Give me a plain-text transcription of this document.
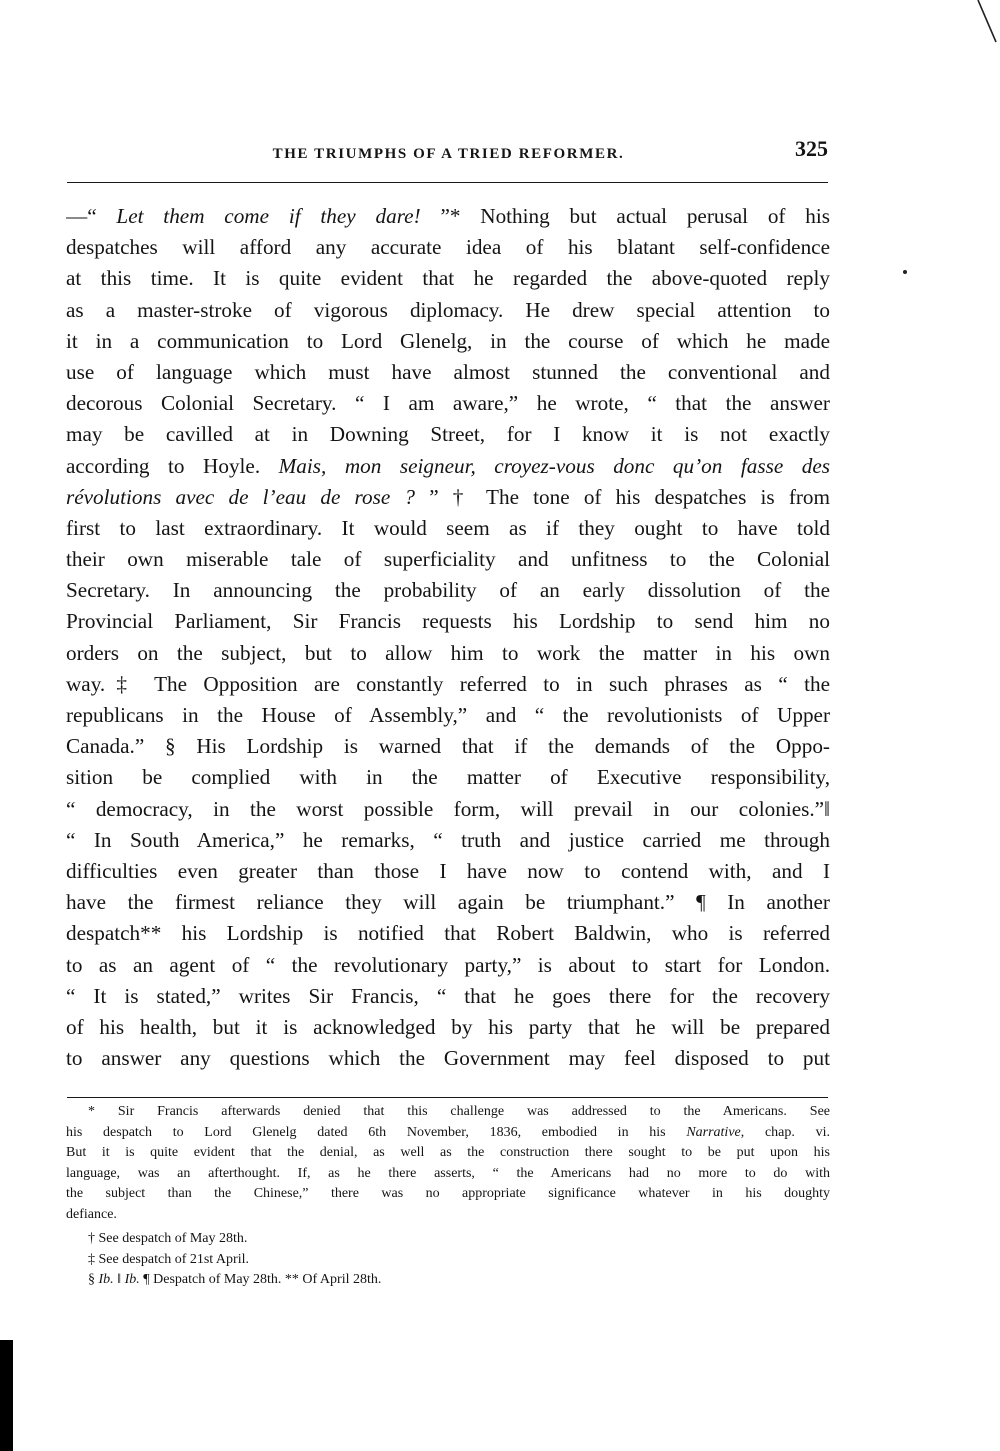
THE TRIUMPHS OF A TRIED REFORMER.	325
—“ Let them come if they dare! ”* Nothing but actual perusal of his
despatches will afford any accurate idea of his blatant self-confidence
at this time. It is quite evident that he regarded the above-quoted reply
as a master-stroke of vigorous diplomacy. He drew special attention to
it in a communication to Lord Glenelg, in the course of which he made
use of language which must have almost stunned the conventional and
decorous Colonial Secretary. “ I am aware,” he wrote, “ that the answer
may be cavilled at in Downing Street, for I know it is not exactly
according to Hoyle. Mais, mon seigneur, croyez-vous donc qu’on fasse des
révolutions avec de l’eau de rose ? ” † The tone of his despatches is from
first to last extraordinary. It would seem as if they ought to have told
their own miserable tale of superficiality and unfitness to the Colonial
Secretary. In announcing the probability of an early dissolution of the
Provincial Parliament, Sir Francis requests his Lordship to send him no
orders on the subject, but to allow him to work the matter in his own
way.‡ The Opposition are constantly referred to in such phrases as “ the
republicans in the House of Assembly,” and “ the revolutionists of Upper
Canada.” § His Lordship is warned that if the demands of the Oppo-
sition be complied with in the matter of Executive responsibility,
“ democracy, in the worst possible form, will prevail in our colonies.”‖
“ In South America,” he remarks, “ truth and justice carried me through
difficulties even greater than those I have now to contend with, and I
have the firmest reliance they will again be triumphant.” ¶ In another
despatch** his Lordship is notified that Robert Baldwin, who is referred
to as an agent of “ the revolutionary party,” is about to start for London.
“ It is stated,” writes Sir Francis, “ that he goes there for the recovery
of his health, but it is acknowledged by his party that he will be prepared
to answer any questions which the Government may feel disposed to put
* Sir Francis afterwards denied that this challenge was addressed to the Americans. See
his despatch to Lord Glenelg dated 6th November, 1836, embodied in his Narrative, chap. vi.
But it is quite evident that the denial, as well as the construction there sought to be put upon his
language, was an afterthought. If, as he there asserts, “ the Americans had no more to do with
the subject than the Chinese,” there was no appropriate significance whatever in his doughty
defiance.
† See despatch of May 28th.
‡ See despatch of 21st April.
§ Ib. ‖ Ib. ¶ Despatch of May 28th. ** Of April 28th.
